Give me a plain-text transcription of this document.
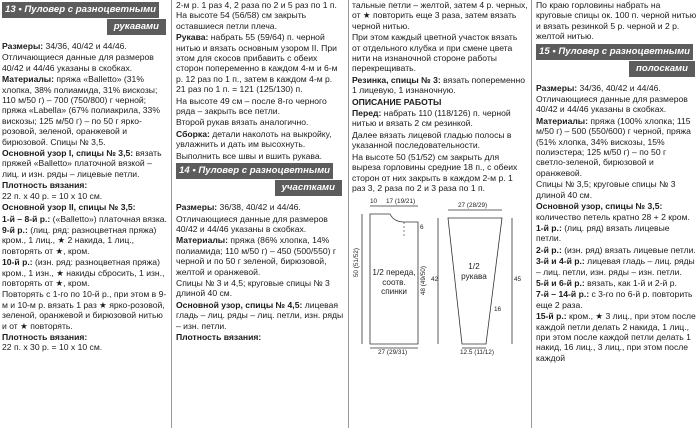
13 • Пуловер с разноцветными
рукавами

Размеры: 34/36, 40/42 и 44/46.

Отличающиеся данные для размеров 40/42 и 44/46 указаны в скобках.

Материалы: пряжа «Balletto» (31% хлопка, 38% полиамида, 31% вискозы; 110 м/50 г) – 700 (750/800) г черной; пряжа «Labella» (67% полиакрила, 33% вискозы; 125 м/50 г) – по 50 г ярко-розовой, зеленой, оранжевой и бирюзовой. Спицы № 3,5.

Основной узор I, спицы № 3,5: вязать пряжей «Balletto» платочной вязкой – лиц. и изн. ряды – лицевые петли.

Плотность вязания:
22 п. х 40 р. = 10 х 10 см.

Основной узор II, спицы № 3,5:

1-й – 8-й р.: («Balletto») платочная вязка.

9-й р.: (лиц. ряд: разноцветная пряжа) кром., 1 лиц., ★ 2 накида, 1 лиц., повторять от ★, кром.

10-й р.: (изн. ряд: разноцветная пряжа) кром., 1 изн., ★ накиды сбросить, 1 изн., повторять от ★, кром.

Повторять с 1-го по 10-й р., при этом в 9-м и 10-м р. вязать 1 раз ★ ярко-розовой, зеленой, оранжевой и бирюзовой нитью и от ★ повторять.

Плотность вязания:
22 п. х 30 р. = 10 х 10 см.

2-м р. 1 раз 4, 2 раза по 2 и 5 раз по 1 п. На высоте 54 (56/58) см закрыть оставшиеся петли плеча.

Рукава: набрать 55 (59/64) п. черной нитью и вязать основным узором II. При этом для скосов прибавить с обеих сторон попеременно в каждом 4-м и 6-м р. 12 раз по 1 п., затем в каждом 4-м р. 21 раз по 1 п. = 121 (125/130) п.

На высоте 49 см – после 8-го черного ряда – закрыть все петли.

Второй рукав вязать аналогично.

Сборка: детали наколоть на выкройку, увлажнить и дать им высохнуть.

Выполнить все швы и вшить рукава.

14 • Пуловер с разноцветными
участками

Размеры: 36/38, 40/42 и 44/46.

Отличающиеся данные для размеров 40/42 и 44/46 указаны в скобках.

Материалы: пряжа (86% хлопка, 14% полиамида; 110 м/50 г) – 450 (500/550) г черной и по 50 г зеленой, бирюзовой, желтой и оранжевой.

Спицы № 3 и 4,5; круговые спицы № 3 длиной 40 см.

Основной узор, спицы № 4,5: лицевая гладь – лиц. ряды – лиц. петли, изн. ряды – изн. петли.

Плотность вязания:

тальные петли – желтой, затем 4 р. черных, от ★ повторить еще 3 раза, затем вязать черной нитью.

При этом каждый цветной участок вязать от отдельного клубка и при смене цвета нити на изнаночной стороне работы перекрещивать.

Резинка, спицы № 3: вязать попеременно 1 лицевую, 1 изнаночную.

ОПИСАНИЕ РАБОТЫ

Перед: набрать 110 (118/126) п. черной нитью и вязать 2 см резинкой.

Далее вязать лицевой гладью полосы в указанной последовательности.

На высоте 50 (51/52) см закрыть для выреза горловины средние 18 п., с обеих сторон от них закрыть в каждом 2-м р. 1 раз 3, 2 раза по 2 и 3 раза по 1 п.

10 17 (19/21)
50 (51/52)
6
48 (49/50)
27 (29/31)
1/2 переда, соотв. спинки
27 (28/29)
1/2 рукава
42	45
16
12.5 (11/12)

По краю горловины набрать на круговые спицы ок. 100 п. черной нитью и вязать резинкой 5 р. черной и 2 р. желтой нитью.

15 • Пуловер с разноцветными
полосками

Размеры: 34/36, 40/42 и 44/46.

Отличающиеся данные для размеров 40/42 и 44/46 указаны в скобках.

Материалы: пряжа (100% хлопка; 115 м/50 г) – 500 (550/600) г черной, пряжа (51% хлопка, 34% вискозы, 15% полиэстера; 125 м/50 г) – по 50 г светло-зеленой, бирюзовой и оранжевой.

Спицы № 3,5; круговые спицы № 3 длиной 40 см.

Основной узор, спицы № 3,5: количество петель кратно 28 + 2 кром.

1-й р.: (лиц. ряд) вязать лицевые петли.

2-й р.: (изн. ряд) вязать лицевые петли.

3-й и 4-й р.: лицевая гладь – лиц. ряды – лиц. петли, изн. ряды – изн. петли.

5-й и 6-й р.: вязать, как 1-й и 2-й р.

7-й – 14-й р.: с 3-го по 6-й р. повторить еще 2 раза.

15-й р.: кром., ★ 3 лиц., при этом после каждой петли делать 2 накида, 1 лиц., при этом после каждой петли делать 1 накид, 16 лиц., 3 лиц., при этом после каждой
